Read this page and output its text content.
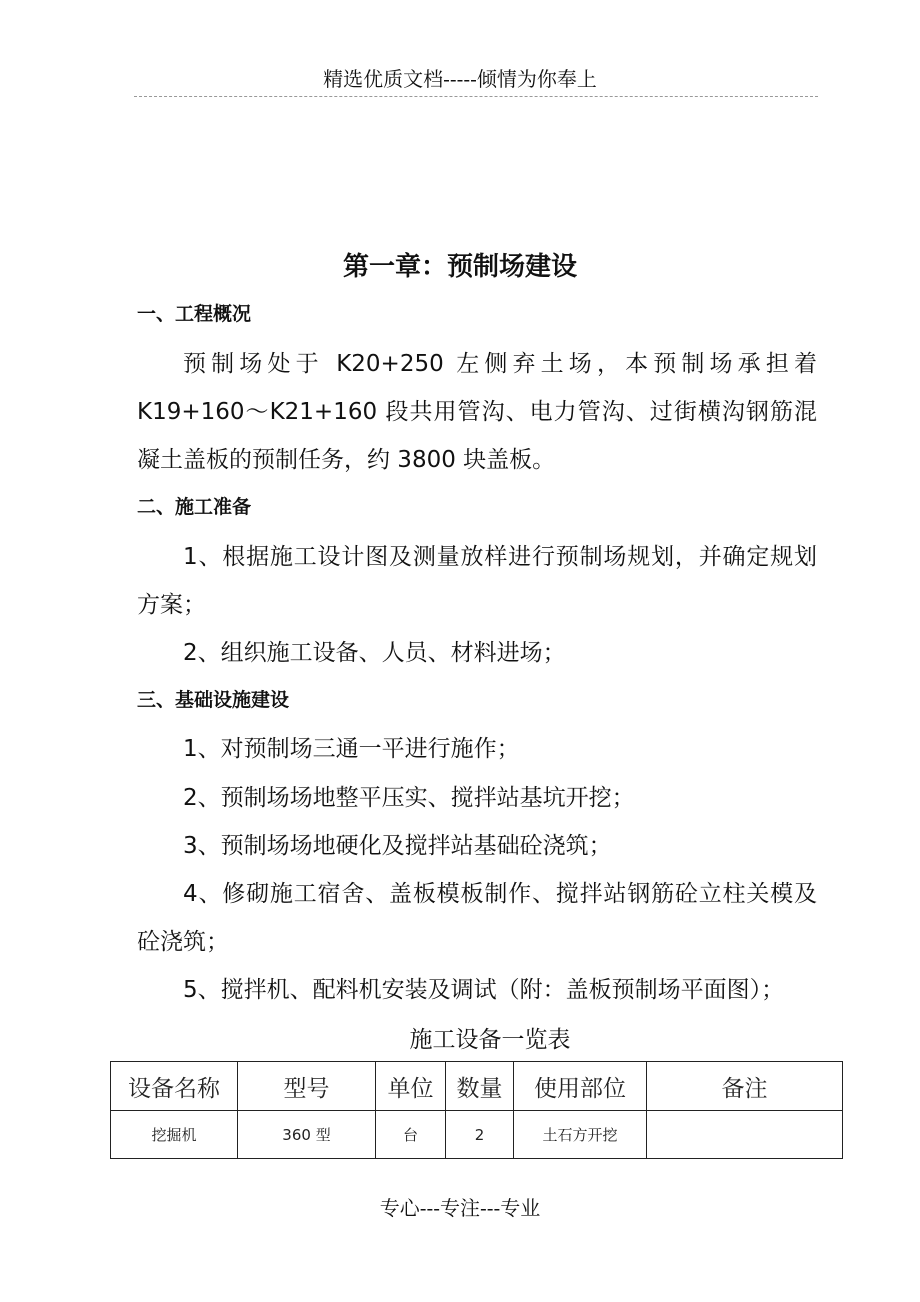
精选优质文档-----倾情为你奉上
第一章：预制场建设
一、工程概况
预制场处于 K20+250 左侧弃土场，本预制场承担着 K19+160～K21+160 段共用管沟、电力管沟、过街横沟钢筋混凝土盖板的预制任务，约 3800 块盖板。
二、施工准备
1、根据施工设计图及测量放样进行预制场规划，并确定规划方案；
2、组织施工设备、人员、材料进场；
三、基础设施建设
1、对预制场三通一平进行施作；
2、预制场场地整平压实、搅拌站基坑开挖；
3、预制场场地硬化及搅拌站基础砼浇筑；
4、修砌施工宿舍、盖板模板制作、搅拌站钢筋砼立柱关模及砼浇筑；
5、搅拌机、配料机安装及调试（附：盖板预制场平面图）；
施工设备一览表
设备名称	型号	单位	数量	使用部位	备注
挖掘机	360 型	台	2	土石方开挖	
专心---专注---专业
